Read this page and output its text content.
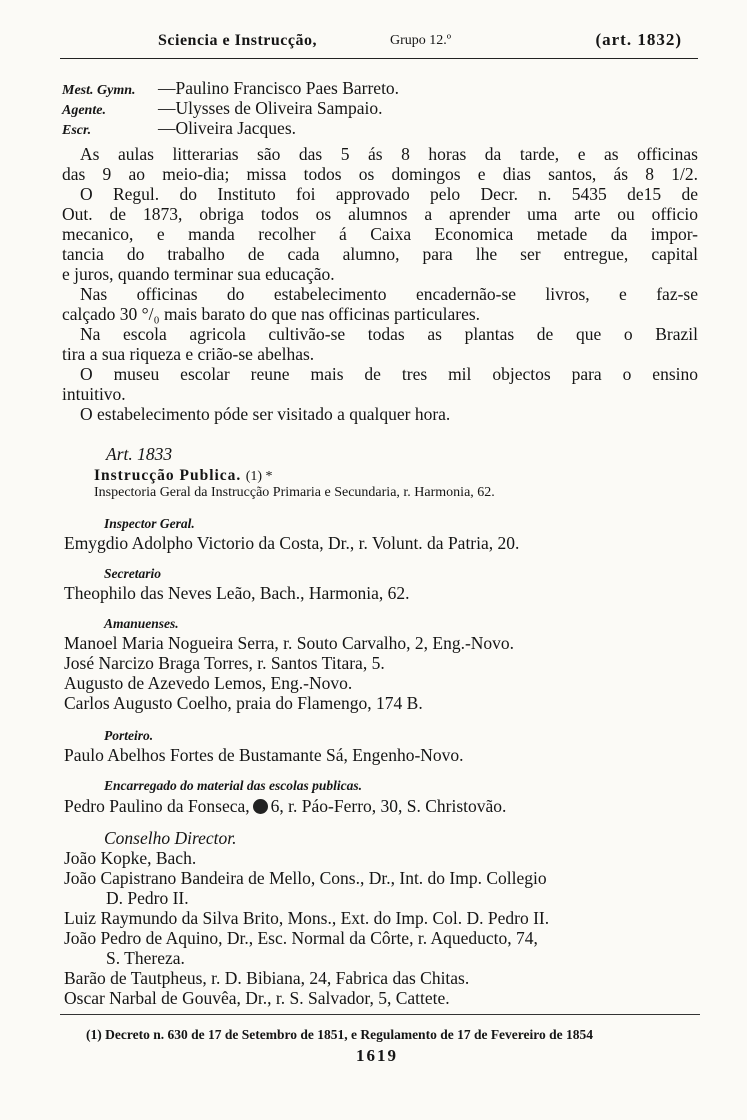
Sciencia e Instrucção,	Grupo 12.º	(art. 1832)
Mest. Gymn. —Paulino Francisco Paes Barreto.
Agente.	—Ulysses de Oliveira Sampaio.
Escr.	—Oliveira Jacques.
As aulas litterarias são das 5 ás 8 horas da tarde, e as officinas
das 9 ao meio-dia; missa todos os domingos e dias santos, ás 8 1/2.
O Regul. do Instituto foi approvado pelo Decr. n. 5435 de15 de
Out. de 1873, obriga todos os alumnos a aprender uma arte ou officio
mecanico, e manda recolher á Caixa Economica metade da impor-
tancia do trabalho de cada alumno, para lhe ser entregue, capital
e juros, quando terminar sua educação.
Nas officinas do estabelecimento encadernão-se livros, e faz-se
calçado 30 °/₀ mais barato do que nas officinas particulares.
Na escola agricola cultivão-se todas as plantas de que o Brazil
tira a sua riqueza e crião-se abelhas.
O museu escolar reune mais de tres mil objectos para o ensino
intuitivo.
O estabelecimento póde ser visitado a qualquer hora.
Art. 1833
Instrucção Publica. (1) *
Inspectoria Geral da Instrucção Primaria e Secundaria, r. Harmonia, 62.
Inspector Geral.
Emygdio Adolpho Victorio da Costa, Dr., r. Volunt. da Patria, 20.
Secretario
Theophilo das Neves Leão, Bach., Harmonia, 62.
Amanuenses.
Manoel Maria Nogueira Serra, r. Souto Carvalho, 2, Eng.-Novo.
José Narcizo Braga Torres, r. Santos Titara, 5.
Augusto de Azevedo Lemos, Eng.-Novo.
Carlos Augusto Coelho, praia do Flamengo, 174 B.
Porteiro.
Paulo Abelhos Fortes de Bustamante Sá, Engenho-Novo.
Encarregado do material das escolas publicas.
Pedro Paulino da Fonseca, 6, r. Páo-Ferro, 30, S. Christovão.
Conselho Director.
João Kopke, Bach.
João Capistrano Bandeira de Mello, Cons., Dr., Int. do Imp. Collegio
D. Pedro II.
Luiz Raymundo da Silva Brito, Mons., Ext. do Imp. Col. D. Pedro II.
João Pedro de Aquino, Dr., Esc. Normal da Côrte, r. Aqueducto, 74,
S. Thereza.
Barão de Tautpheus, r. D. Bibiana, 24, Fabrica das Chitas.
Oscar Narbal de Gouvêa, Dr., r. S. Salvador, 5, Cattete.
(1) Decreto n. 630 de 17 de Setembro de 1851, e Regulamento de 17 de Fevereiro de 1854
1619
